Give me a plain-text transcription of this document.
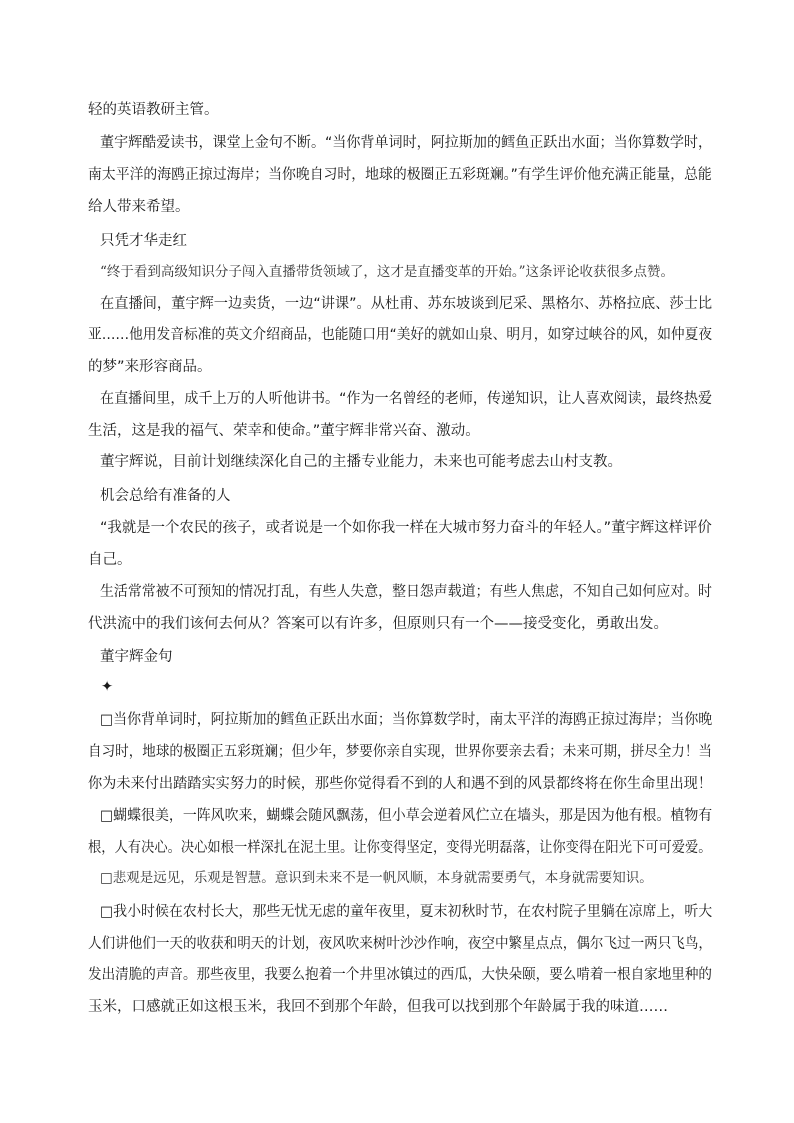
轻的英语教研主管。
董宇辉酷爱读书，课堂上金句不断。“当你背单词时，阿拉斯加的鳕鱼正跃出水面；当你算数学时，
南太平洋的海鸥正掠过海岸；当你晚自习时，地球的极圈正五彩斑斓。”有学生评价他充满正能量，总能
给人带来希望。
只凭才华走红
“终于看到高级知识分子闯入直播带货领域了，这才是直播变革的开始。”这条评论收获很多点赞。
在直播间，董宇辉一边卖货，一边“讲课”。从杜甫、苏东坡谈到尼采、黑格尔、苏格拉底、莎士比
亚……他用发音标准的英文介绍商品，也能随口用“美好的就如山泉、明月，如穿过峡谷的风，如仲夏夜
的梦”来形容商品。
在直播间里，成千上万的人听他讲书。“作为一名曾经的老师，传递知识，让人喜欢阅读，最终热爱
生活，这是我的福气、荣幸和使命。”董宇辉非常兴奋、激动。
董宇辉说，目前计划继续深化自己的主播专业能力，未来也可能考虑去山村支教。
机会总给有准备的人
“我就是一个农民的孩子，或者说是一个如你我一样在大城市努力奋斗的年轻人。”董宇辉这样评价
自己。
生活常常被不可预知的情况打乱，有些人失意，整日怨声载道；有些人焦虑，不知自己如何应对。时
代洪流中的我们该何去何从？答案可以有许多，但原则只有一个——接受变化，勇敢出发。
董宇辉金句
✦
□当你背单词时，阿拉斯加的鳕鱼正跃出水面；当你算数学时，南太平洋的海鸥正掠过海岸；当你晚
自习时，地球的极圈正五彩斑斓；但少年，梦要你亲自实现，世界你要亲去看；未来可期，拼尽全力！当
你为未来付出踏踏实实努力的时候，那些你觉得看不到的人和遇不到的风景都终将在你生命里出现！
□蝴蝶很美，一阵风吹来，蝴蝶会随风飘荡，但小草会逆着风伫立在墙头，那是因为他有根。植物有
根，人有决心。决心如根一样深扎在泥土里。让你变得坚定，变得光明磊落，让你变得在阳光下可可爱爱。
□悲观是远见，乐观是智慧。意识到未来不是一帆风顺，本身就需要勇气，本身就需要知识。
□我小时候在农村长大，那些无忧无虑的童年夜里，夏末初秋时节，在农村院子里躺在凉席上，听大
人们讲他们一天的收获和明天的计划，夜风吹来树叶沙沙作响，夜空中繁星点点，偶尔飞过一两只飞鸟，
发出清脆的声音。那些夜里，我要么抱着一个井里冰镇过的西瓜，大快朵颐，要么啃着一根自家地里种的
玉米，口感就正如这根玉米，我回不到那个年龄，但我可以找到那个年龄属于我的味道……
